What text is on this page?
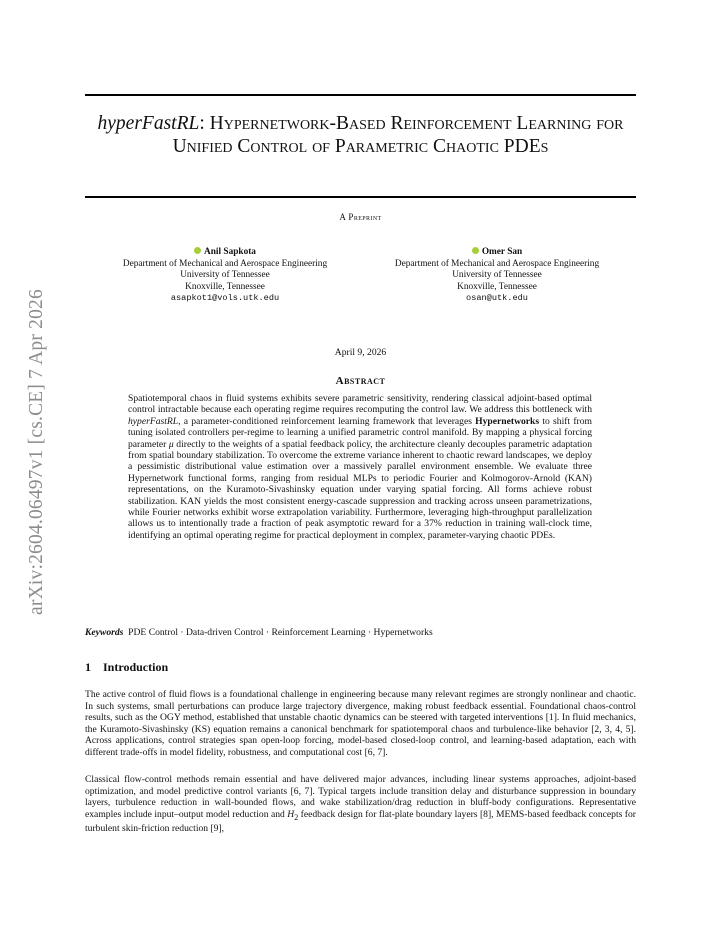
arXiv:2604.06497v1 [cs.CE] 7 Apr 2026
hyperFastRL: Hypernetwork-Based Reinforcement Learning for Unified Control of Parametric Chaotic PDEs
A Preprint
Anil Sapkota
Department of Mechanical and Aerospace Engineering
University of Tennessee
Knoxville, Tennessee
asapkot1@vols.utk.edu
Omer San
Department of Mechanical and Aerospace Engineering
University of Tennessee
Knoxville, Tennessee
osan@utk.edu
April 9, 2026
Abstract
Spatiotemporal chaos in fluid systems exhibits severe parametric sensitivity, rendering classical adjoint-based optimal control intractable because each operating regime requires recomputing the control law. We address this bottleneck with hyperFastRL, a parameter-conditioned reinforcement learning framework that leverages Hypernetworks to shift from tuning isolated controllers per-regime to learning a unified parametric control manifold. By mapping a physical forcing parameter μ directly to the weights of a spatial feedback policy, the architecture cleanly decouples parametric adaptation from spatial boundary stabilization. To overcome the extreme variance inherent to chaotic reward landscapes, we deploy a pessimistic distributional value estimation over a massively parallel environment ensemble. We evaluate three Hypernetwork functional forms, ranging from residual MLPs to periodic Fourier and Kolmogorov-Arnold (KAN) representations, on the Kuramoto-Sivashinsky equation under varying spatial forcing. All forms achieve robust stabilization. KAN yields the most consistent energy-cascade suppression and tracking across unseen parametrizations, while Fourier networks exhibit worse extrapolation variability. Furthermore, leveraging high-throughput parallelization allows us to intentionally trade a fraction of peak asymptotic reward for a 37% reduction in training wall-clock time, identifying an optimal operating regime for practical deployment in complex, parameter-varying chaotic PDEs.
Keywords PDE Control · Data-driven Control · Reinforcement Learning · Hypernetworks
1 Introduction
The active control of fluid flows is a foundational challenge in engineering because many relevant regimes are strongly nonlinear and chaotic. In such systems, small perturbations can produce large trajectory divergence, making robust feedback essential. Foundational chaos-control results, such as the OGY method, established that unstable chaotic dynamics can be steered with targeted interventions [1]. In fluid mechanics, the Kuramoto-Sivashinsky (KS) equation remains a canonical benchmark for spatiotemporal chaos and turbulence-like behavior [2, 3, 4, 5]. Across applications, control strategies span open-loop forcing, model-based closed-loop control, and learning-based adaptation, each with different trade-offs in model fidelity, robustness, and computational cost [6, 7].
Classical flow-control methods remain essential and have delivered major advances, including linear systems approaches, adjoint-based optimization, and model predictive control variants [6, 7]. Typical targets include transition delay and disturbance suppression in boundary layers, turbulence reduction in wall-bounded flows, and wake stabilization/drag reduction in bluff-body configurations. Representative examples include input–output model reduction and $H_2$ feedback design for flat-plate boundary layers [8], MEMS-based feedback concepts for turbulent skin-friction reduction [9],
